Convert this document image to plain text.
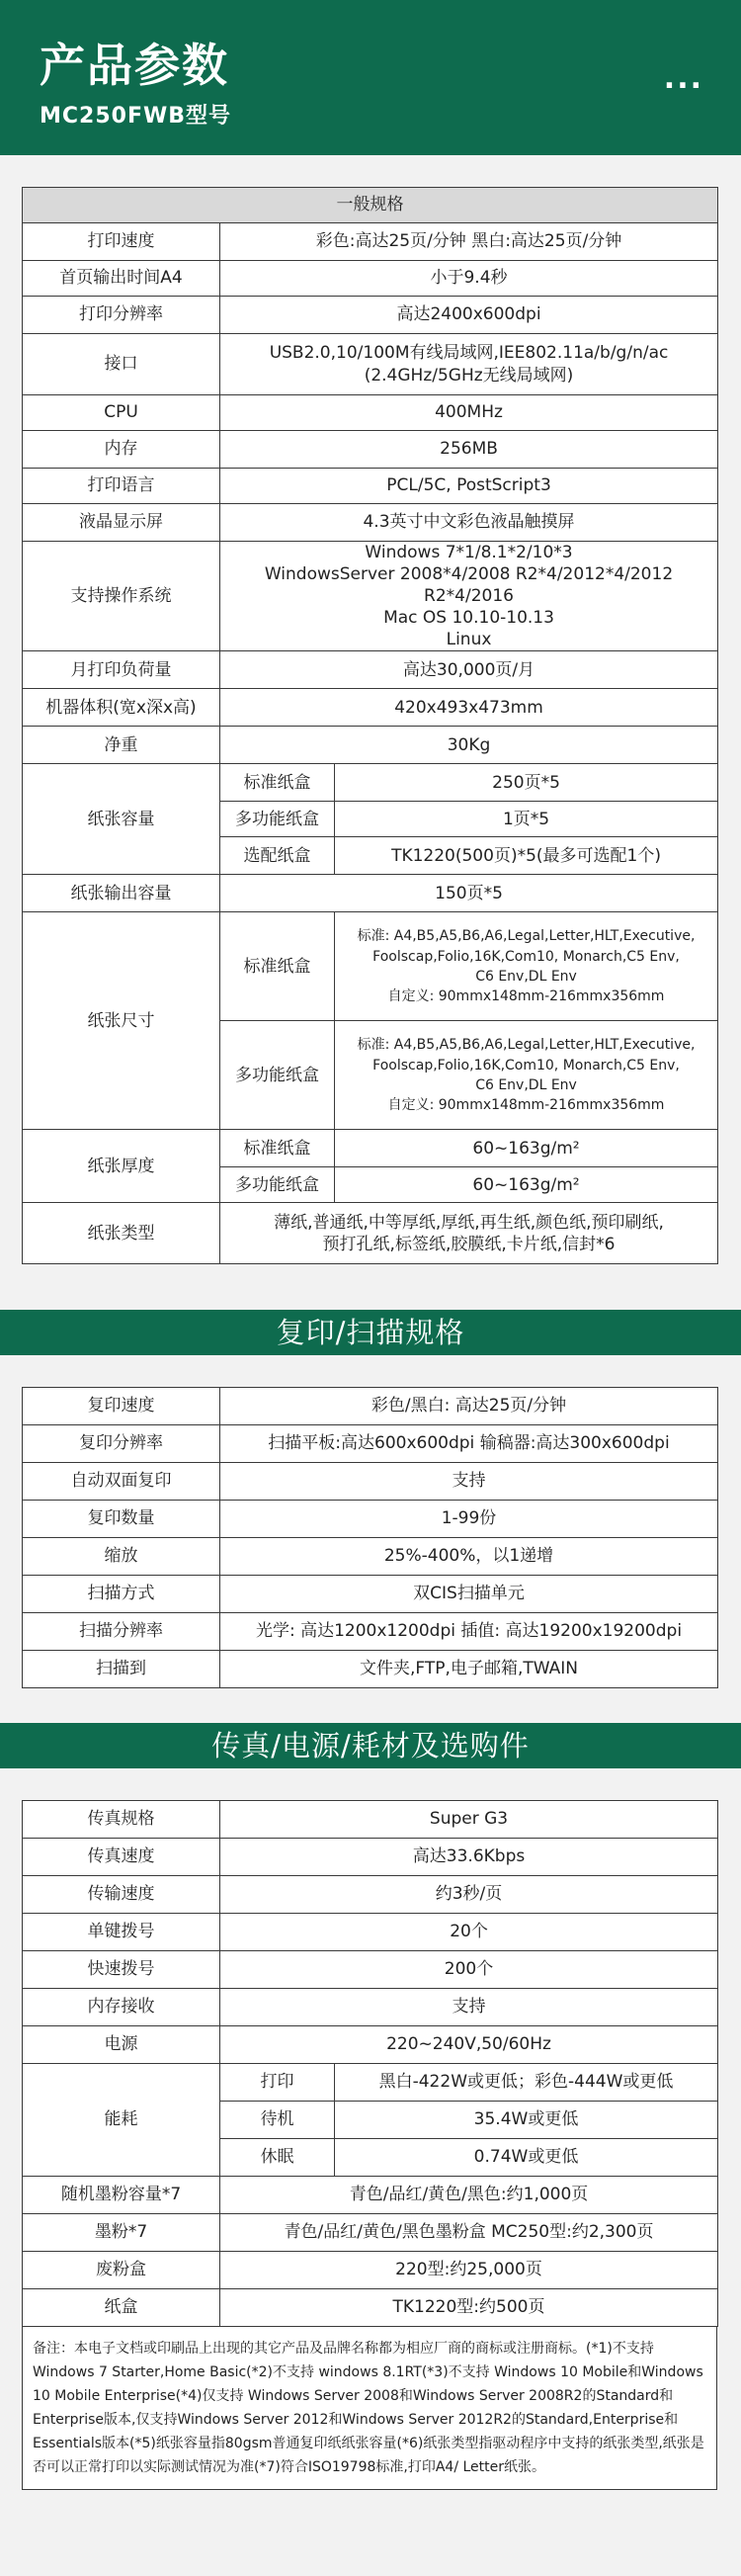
产品参数
MC250FWB型号
...
一般规格		
打印速度	彩色:高达25页/分钟 黑白:高达25页/分钟	
首页输出时间A4	小于9.4秒	
打印分辨率	高达2400x600dpi	
接口	USB2.0,10/100M有线局域网,IEE802.11a/b/g/n/ac
(2.4GHz/5GHz无线局域网)	
CPU	400MHz	
内存	256MB	
打印语言	PCL/5C, PostScript3	
液晶显示屏	4.3英寸中文彩色液晶触摸屏	
支持操作系统	Windows 7*1/8.1*2/10*3
WindowsServer 2008*4/2008 R2*4/2012*4/2012 R2*4/2016
Mac OS 10.10-10.13
Linux	
月打印负荷量	高达30,000页/月	
机器体积(宽x深x高)	420x493x473mm	
净重	30Kg	
纸张容量	标准纸盒	250页*5
	多功能纸盒	1页*5
	选配纸盒	TK1220(500页)*5(最多可选配1个)
纸张输出容量	150页*5	
纸张尺寸	标准纸盒	标准: A4,B5,A5,B6,A6,Legal,Letter,HLT,Executive,
Foolscap,Folio,16K,Com10, Monarch,C5 Env,
C6 Env,DL Env
自定义: 90mmx148mm-216mmx356mm
	多功能纸盒	标准: A4,B5,A5,B6,A6,Legal,Letter,HLT,Executive,
Foolscap,Folio,16K,Com10, Monarch,C5 Env,
C6 Env,DL Env
自定义: 90mmx148mm-216mmx356mm
纸张厚度	标准纸盒	60~163g/m²
	多功能纸盒	60~163g/m²
纸张类型	薄纸,普通纸,中等厚纸,厚纸,再生纸,颜色纸,预印刷纸,
预打孔纸,标签纸,胶膜纸,卡片纸,信封*6	
复印/扫描规格
复印速度	彩色/黑白: 高达25页/分钟
复印分辨率	扫描平板:高达600x600dpi 输稿器:高达300x600dpi
自动双面复印	支持
复印数量	1-99份
缩放	25%-400%，以1递增
扫描方式	双CIS扫描单元
扫描分辨率	光学: 高达1200x1200dpi 插值: 高达19200x19200dpi
扫描到	文件夹,FTP,电子邮箱,TWAIN
传真/电源/耗材及选购件
传真规格	Super G3	
传真速度	高达33.6Kbps	
传输速度	约3秒/页	
单键拨号	20个	
快速拨号	200个	
内存接收	支持	
电源	220~240V,50/60Hz	
能耗	打印	黑白-422W或更低；彩色-444W或更低
	待机	35.4W或更低
	休眠	0.74W或更低
随机墨粉容量*7	青色/品红/黄色/黑色:约1,000页	
墨粉*7	青色/品红/黄色/黑色墨粉盒 MC250型:约2,300页	
废粉盒	220型:约25,000页	
纸盒	TK1220型:约500页	
备注：本电子文档或印刷品上出现的其它产品及品牌名称都为相应厂商的商标或注册商标。(*1)不支持 Windows 7 Starter,Home Basic(*2)不支持 windows 8.1RT(*3)不支持 Windows 10 Mobile和Windows 10 Mobile Enterprise(*4)仅支持 Windows Server 2008和Windows Server 2008R2的Standard和Enterprise版本,仅支持Windows Server 2012和Windows Server 2012R2的Standard,Enterprise和Essentials版本(*5)纸张容量指80gsm普通复印纸纸张容量(*6)纸张类型指驱动程序中支持的纸张类型,纸张是否可以正常打印以实际测试情况为准(*7)符合ISO19798标准,打印A4/ Letter纸张。
